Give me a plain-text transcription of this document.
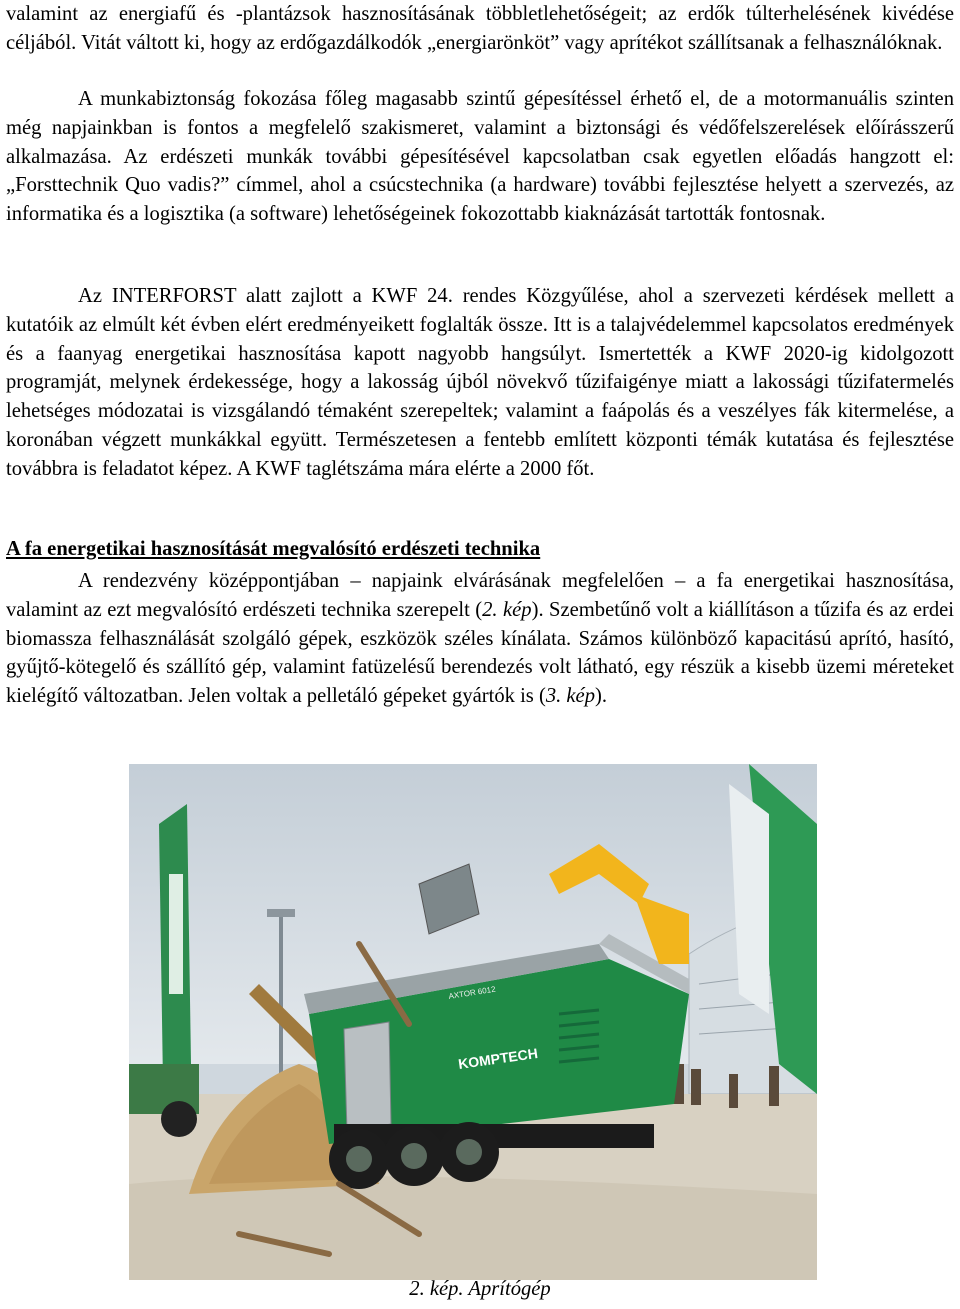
valamint az energiafű és -plantázsok hasznosításának többletlehetőségeit; az erdők túlterhelésének kivédése céljából. Vitát váltott ki, hogy az erdőgazdálkodók „energiarönköt” vagy aprítékot szállítsanak a felhasználóknak.

A munkabiztonság fokozása főleg magasabb szintű gépesítéssel érhető el, de a motormanuális szinten még napjainkban is fontos a megfelelő szakismeret, valamint a biztonsági és védőfelszerelések előírásszerű alkalmazása. Az erdészeti munkák további gépesítésével kapcsolatban csak egyetlen előadás hangzott el: „Forsttechnik Quo vadis?” címmel, ahol a csúcstechnika (a hardware) további fejlesztése helyett a szervezés, az informatika és a logisztika (a software) lehetőségeinek fokozottabb kiaknázását tartották fontosnak.

Az INTERFORST alatt zajlott a KWF 24. rendes Közgyűlése, ahol a szervezeti kérdések mellett a kutatóik az elmúlt két évben elért eredményeikett foglalták össze. Itt is a talajvédelemmel kapcsolatos eredmények és a faanyag energetikai hasznosítása kapott nagyobb hangsúlyt. Ismertették a KWF 2020-ig kidolgozott programját, melynek érdekessége, hogy a lakosság újból növekvő tűzifaigénye miatt a lakossági tűzifatermelés lehetséges módozatai is vizsgálandó témaként szerepeltek; valamint a faápolás és a veszélyes fák kitermelése, a koronában végzett munkákkal együtt. Természetesen a fentebb említett központi témák kutatása és fejlesztése továbbra is feladatot képez. A KWF taglétszáma mára elérte a 2000 főt.

A fa energetikai hasznosítását megvalósító erdészeti technika

A rendezvény középpontjában – napjaink elvárásának megfelelően – a fa energetikai hasznosítása, valamint az ezt megvalósító erdészeti technika szerepelt (2. kép). Szembetűnő volt a kiállításon a tűzifa és az erdei biomassza felhasználását szolgáló gépek, eszközök széles kínálata. Számos különböző kapacitású aprító, hasító, gyűjtő-kötegelő és szállító gép, valamint fatüzelésű berendezés volt látható, egy részük a kisebb üzemi méreteket kielégítő változatban. Jelen voltak a pelletáló gépeket gyártók is (3. kép).

KOMPTECH
AXTOR 6012

2. kép. Aprítógép
